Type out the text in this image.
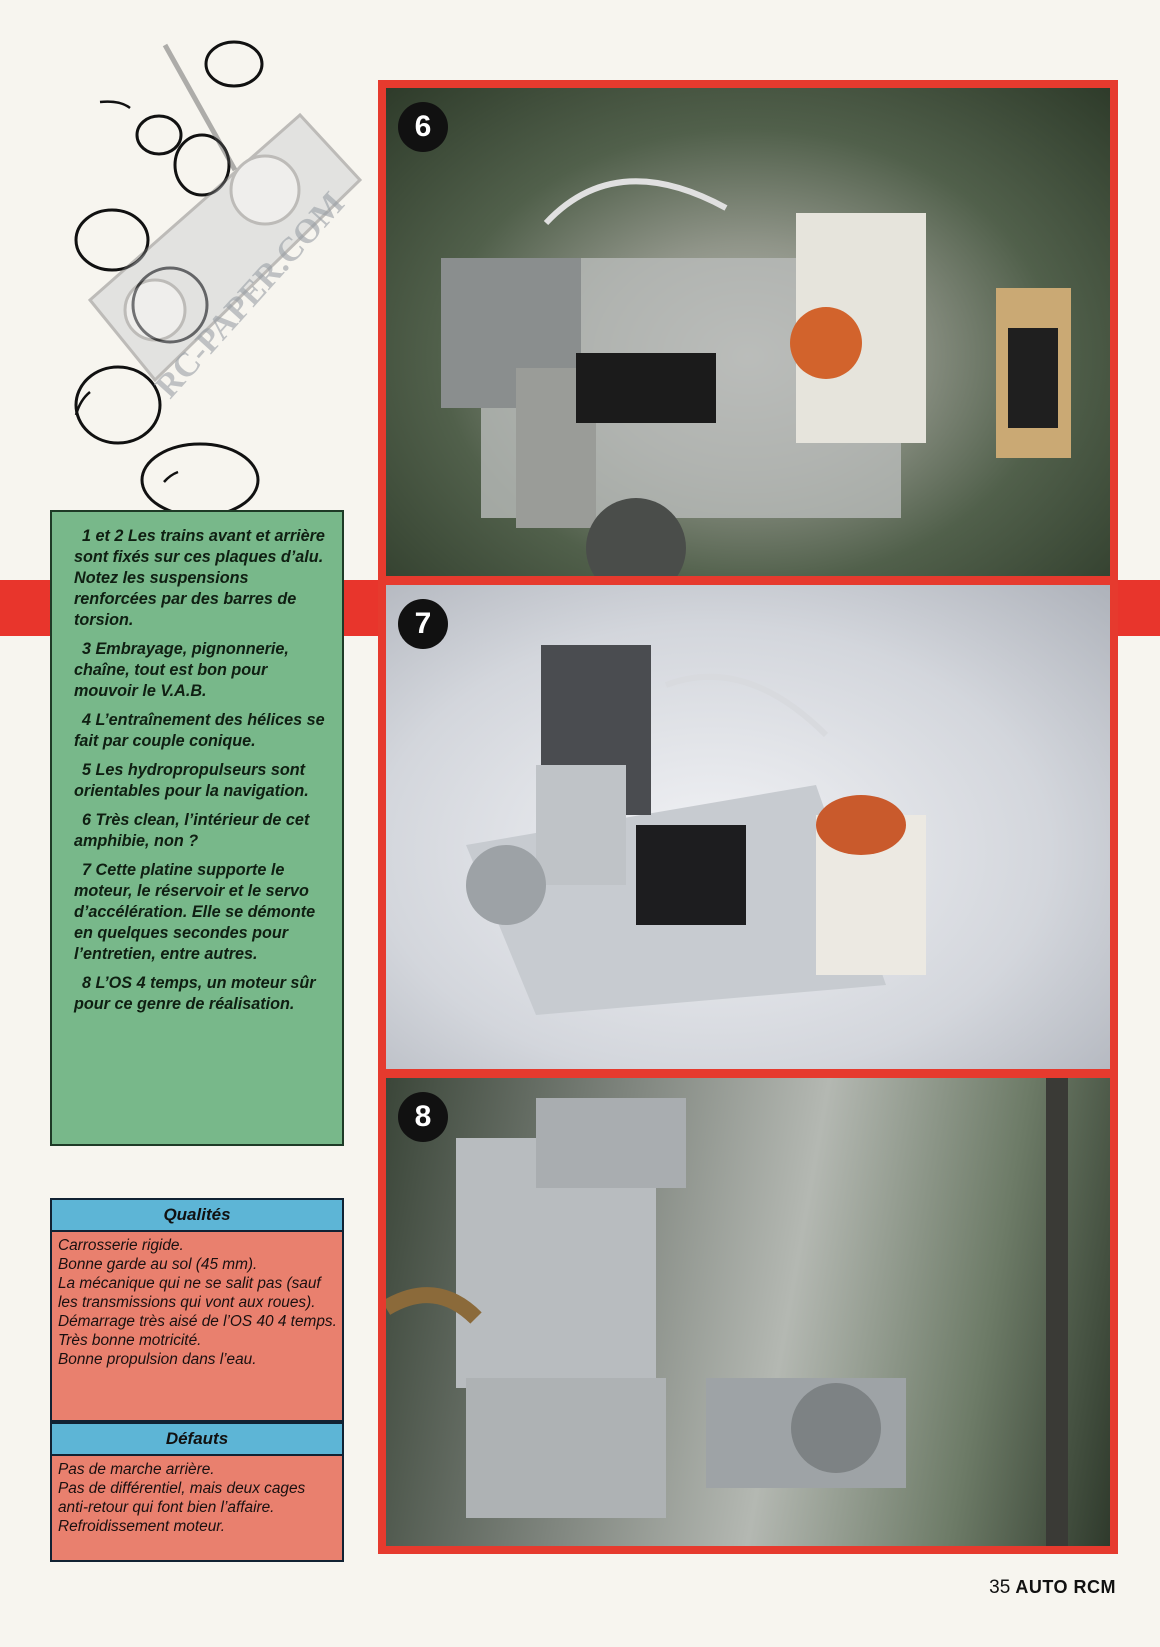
RC-PAPER.COM
6
7
8

1 et 2 Les trains avant et arrière sont fixés sur ces plaques d’alu. Notez les suspensions renforcées par des barres de torsion.

3 Embrayage, pignonnerie, chaîne, tout est bon pour mouvoir le V.A.B.

4 L’entraînement des hélices se fait par couple conique.

5 Les hydropropulseurs sont orientables pour la navigation.

6 Très clean, l’intérieur de cet amphibie, non ?

7 Cette platine supporte le moteur, le réservoir et le servo d’accélération. Elle se démonte en quelques secondes pour l’entretien, entre autres.

8 L’OS 4 temps, un moteur sûr pour ce genre de réalisation.

Qualités

Carrosserie rigide.

Bonne garde au sol (45 mm).

La mécanique qui ne se salit pas (sauf les transmissions qui vont aux roues).

Démarrage très aisé de l’OS 40 4 temps.

Très bonne motricité.

Bonne propulsion dans l’eau.

Défauts

Pas de marche arrière.

Pas de différentiel, mais deux cages anti-retour qui font bien l’affaire.

Refroidissement moteur.

35 AUTO RCM
